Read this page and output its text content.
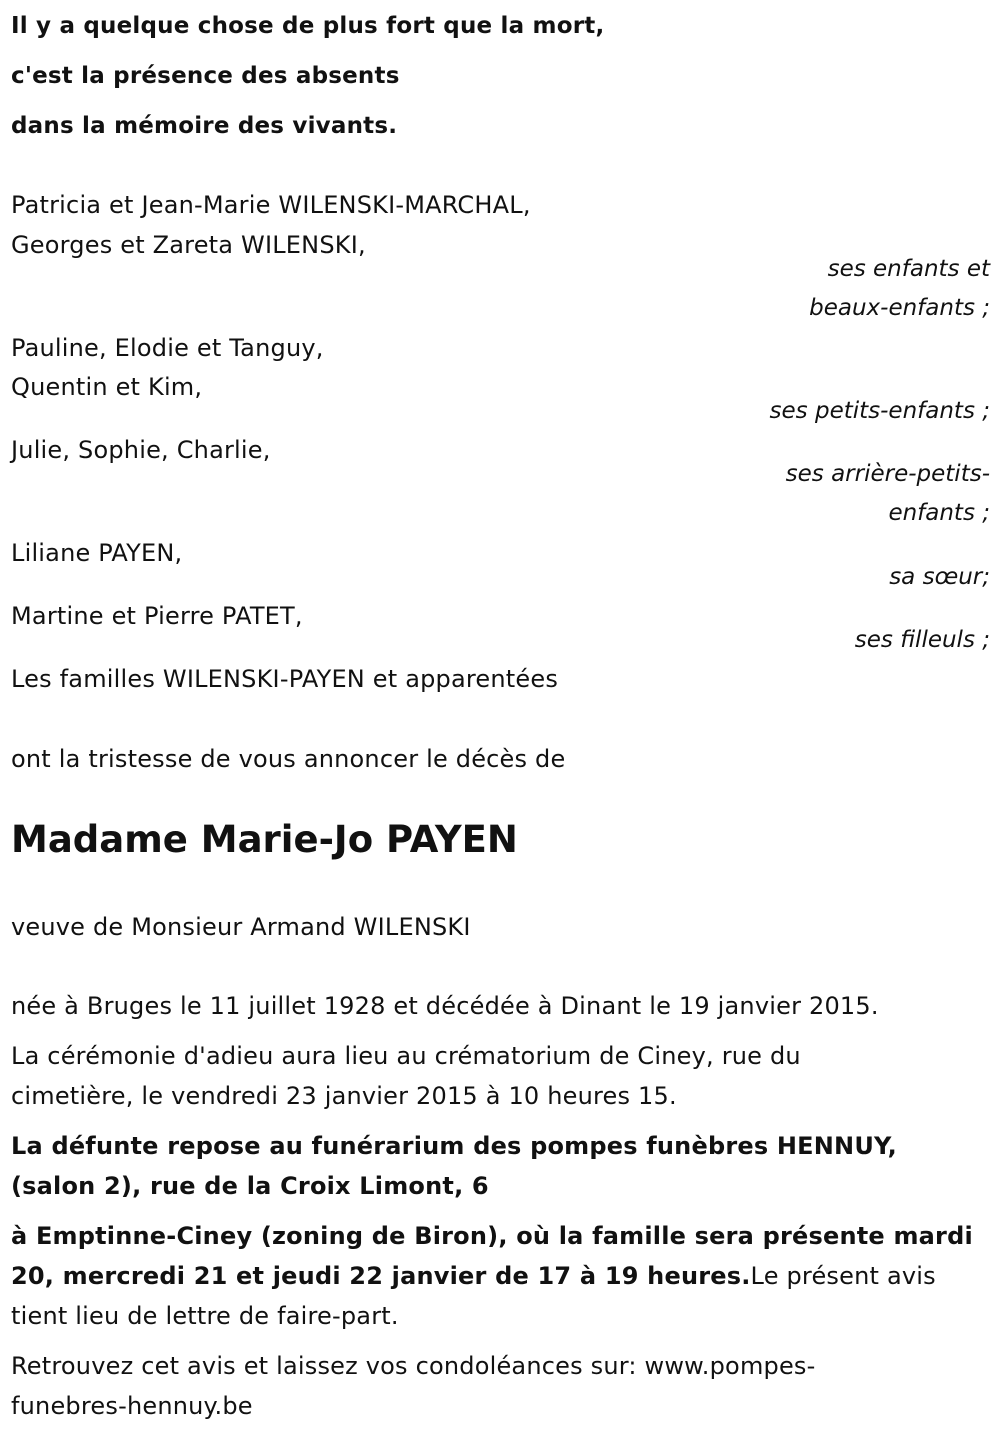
Il y a quelque chose de plus fort que la mort,
c'est la présence des absents
dans la mémoire des vivants.
Patricia et Jean-Marie WILENSKI-MARCHAL,
Georges et Zareta WILENSKI,
ses enfants et
beaux-enfants ;
Pauline, Elodie et Tanguy,
Quentin et Kim,
ses petits-enfants ;
Julie, Sophie, Charlie,
ses arrière-petits-
enfants ;
Liliane PAYEN,
sa sœur;
Martine et Pierre PATET,
ses filleuls ;
Les familles WILENSKI-PAYEN et apparentées
ont la tristesse de vous annoncer le décès de
Madame Marie-Jo PAYEN
veuve de Monsieur Armand WILENSKI
née à Bruges le 11 juillet 1928 et décédée à Dinant le 19 janvier 2015.
La cérémonie d'adieu aura lieu au crématorium de Ciney, rue du
cimetière, le vendredi 23 janvier 2015 à 10 heures 15.
La défunte repose au funérarium des pompes funèbres HENNUY,
(salon 2), rue de la Croix Limont, 6
à Emptinne-Ciney (zoning de Biron), où la famille sera présente mardi
20, mercredi 21 et jeudi 22 janvier de 17 à 19 heures.Le présent avis
tient lieu de lettre de faire-part.
Retrouvez cet avis et laissez vos condoléances sur: www.pompes-
funebres-hennuy.be
